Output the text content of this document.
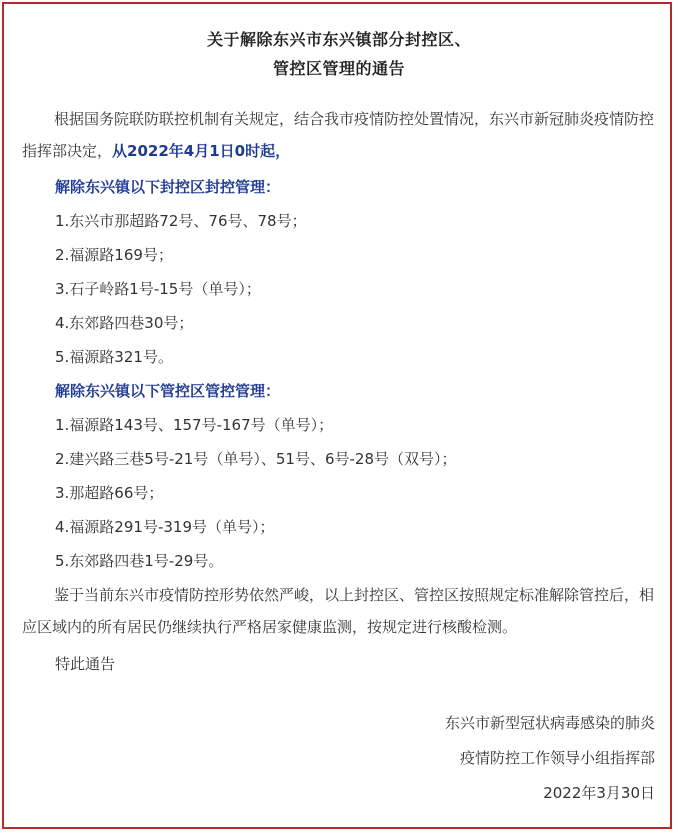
关于解除东兴市东兴镇部分封控区、
管控区管理的通告
根据国务院联防联控机制有关规定，结合我市疫情防控处置情况，东兴市新冠肺炎疫情防控指挥部决定，从2022年4月1日0时起，
解除东兴镇以下封控区封控管理：
1.东兴市那超路72号、76号、78号；
2.福源路169号；
3.石子岭路1号-15号（单号）；
4.东郊路四巷30号；
5.福源路321号。
解除东兴镇以下管控区管控管理：
1.福源路143号、157号-167号（单号）；
2.建兴路三巷5号-21号（单号）、51号、6号-28号（双号）；
3.那超路66号；
4.福源路291号-319号（单号）；
5.东郊路四巷1号-29号。
鉴于当前东兴市疫情防控形势依然严峻，以上封控区、管控区按照规定标准解除管控后，相应区域内的所有居民仍继续执行严格居家健康监测，按规定进行核酸检测。
特此通告
东兴市新型冠状病毒感染的肺炎
疫情防控工作领导小组指挥部
2022年3月30日
